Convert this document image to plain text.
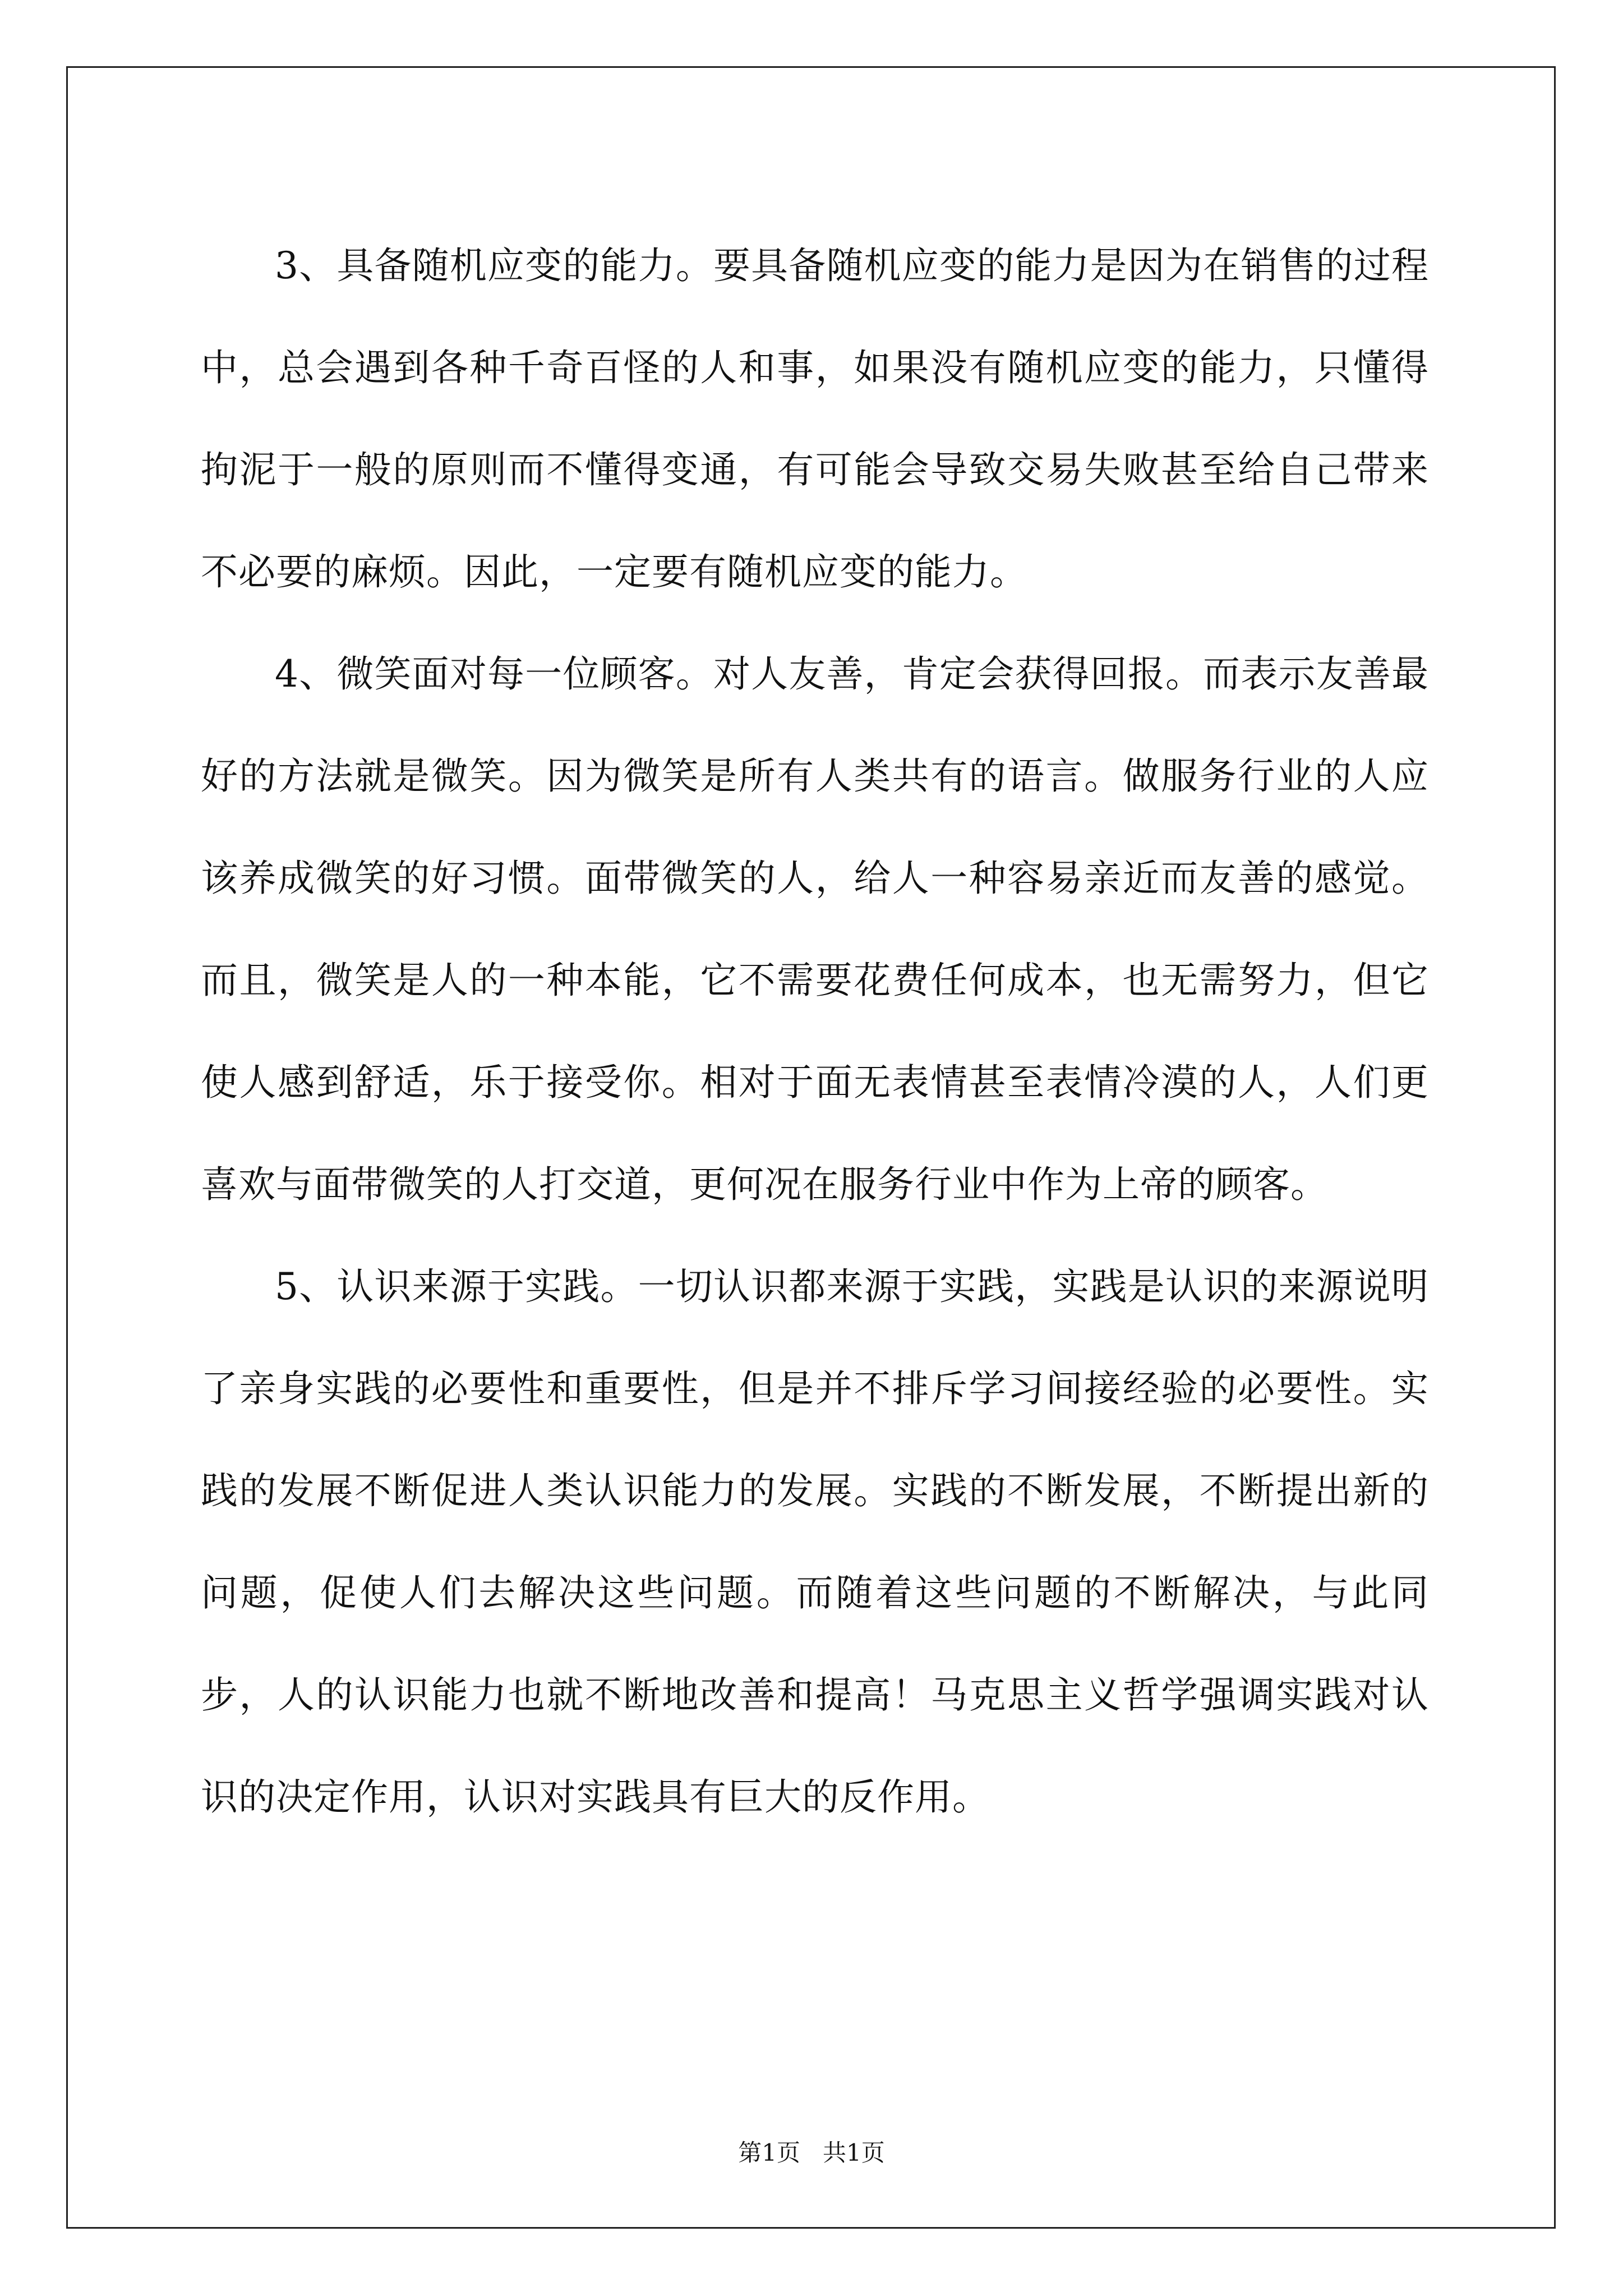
3、具备随机应变的能力。要具备随机应变的能力是因为在销售的过程中，总会遇到各种千奇百怪的人和事，如果没有随机应变的能力，只懂得拘泥于一般的原则而不懂得变通，有可能会导致交易失败甚至给自己带来不必要的麻烦。因此，一定要有随机应变的能力。

4、微笑面对每一位顾客。对人友善，肯定会获得回报。而表示友善最好的方法就是微笑。因为微笑是所有人类共有的语言。做服务行业的人应该养成微笑的好习惯。面带微笑的人，给人一种容易亲近而友善的感觉。而且，微笑是人的一种本能，它不需要花费任何成本，也无需努力，但它使人感到舒适，乐于接受你。相对于面无表情甚至表情冷漠的人，人们更喜欢与面带微笑的人打交道，更何况在服务行业中作为上帝的顾客。

5、认识来源于实践。一切认识都来源于实践，实践是认识的来源说明了亲身实践的必要性和重要性，但是并不排斥学习间接经验的必要性。实践的发展不断促进人类认识能力的发展。实践的不断发展，不断提出新的问题，促使人们去解决这些问题。而随着这些问题的不断解决，与此同步，人的认识能力也就不断地改善和提高！马克思主义哲学强调实践对认识的决定作用，认识对实践具有巨大的反作用。

第1页 共1页
